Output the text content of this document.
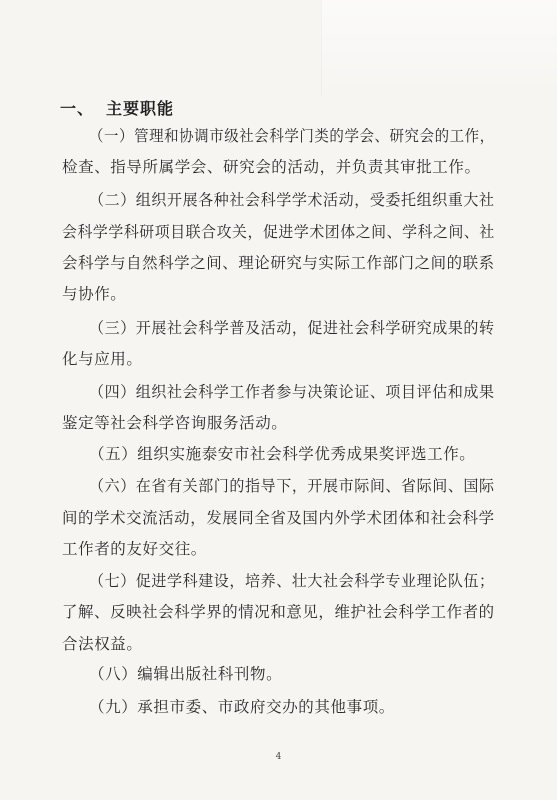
一、 主要职能
（一）管理和协调市级社会科学门类的学会、研究会的工作，
检查、指导所属学会、研究会的活动，并负责其审批工作。
（二）组织开展各种社会科学学术活动，受委托组织重大社
会科学学科研项目联合攻关，促进学术团体之间、学科之间、社
会科学与自然科学之间、理论研究与实际工作部门之间的联系
与协作。
（三）开展社会科学普及活动，促进社会科学研究成果的转
化与应用。
（四）组织社会科学工作者参与决策论证、项目评估和成果
鉴定等社会科学咨询服务活动。
（五）组织实施泰安市社会科学优秀成果奖评选工作。
（六）在省有关部门的指导下，开展市际间、省际间、国际
间的学术交流活动，发展同全省及国内外学术团体和社会科学
工作者的友好交往。
（七）促进学科建设，培养、壮大社会科学专业理论队伍；
了解、反映社会科学界的情况和意见，维护社会科学工作者的
合法权益。
（八）编辑出版社科刊物。
（九）承担市委、市政府交办的其他事项。
4
